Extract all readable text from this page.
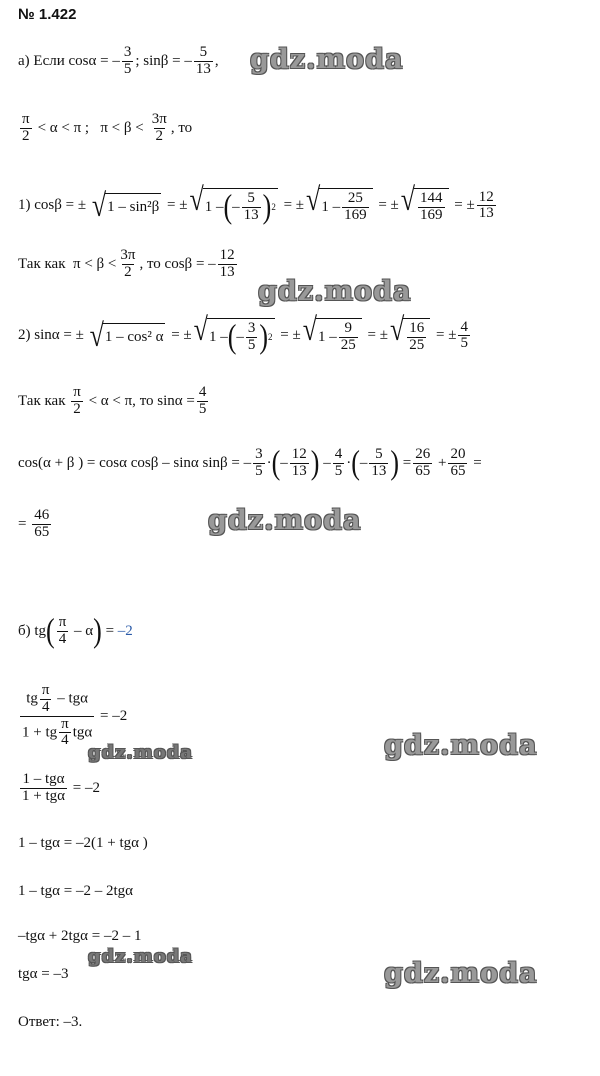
№ 1.422
а) Если
cosα = – $\frac{3}{5}$ ; sinβ = – $\frac{5}{13}$ , gdz.moda
$\frac{\pi}{2} < \alpha < \pi$ ;   $\pi < \beta < \frac{3\pi}{2}$ , то
1) cosβ = ± √ 1 – sin²β = ± √ 1 – ( – $\frac{5}{13}$ ) 2 = ± √ $1 - \frac{25}{169}$ = ± √ $\frac{144}{169}$ = ± $\frac{12}{13}$
Так как $\pi < \beta < \frac{3\pi}{2}$ , то cosβ = – $\frac{12}{13}$
gdz.moda
2) sinα = ± √ 1 – cos² α = ± √ 1 – ( – $\frac{3}{5}$ ) 2 = ± √ $1 - \frac{9}{25}$ = ± √ $\frac{16}{25}$ = ± $\frac{4}{5}$
Так как
$\frac{\pi}{2} < \alpha < \pi$, то $\sin\alpha = \frac{4}{5}$
cos(α + β ) = cosα cosβ – sinα sinβ = – $\frac{3}{5}$ · ( – $\frac{12}{13}$ ) – $\frac{4}{5}$ · ( – $\frac{5}{13}$ ) = $\frac{26}{65} + \frac{20}{65}$ =
= $\frac{46}{65}$	gdz.moda
б) tg ( $\frac{\pi}{4}$ – α ) = –2
$\frac{tg \frac{\pi}{4} - tg\alpha}{1 + tg \frac{\pi}{4} tg\alpha} = -2$
gdz.moda	gdz.moda
$\frac{\text{1 – tgα}}{\text{1 + tgα}} = -2$
1 – tgα = –2(1 + tgα )
1 – tgα = –2 – 2tgα
–tgα + 2tgα = –2 – 1
tgα = –3
gdz.moda
gdz.moda
Ответ: –3.
